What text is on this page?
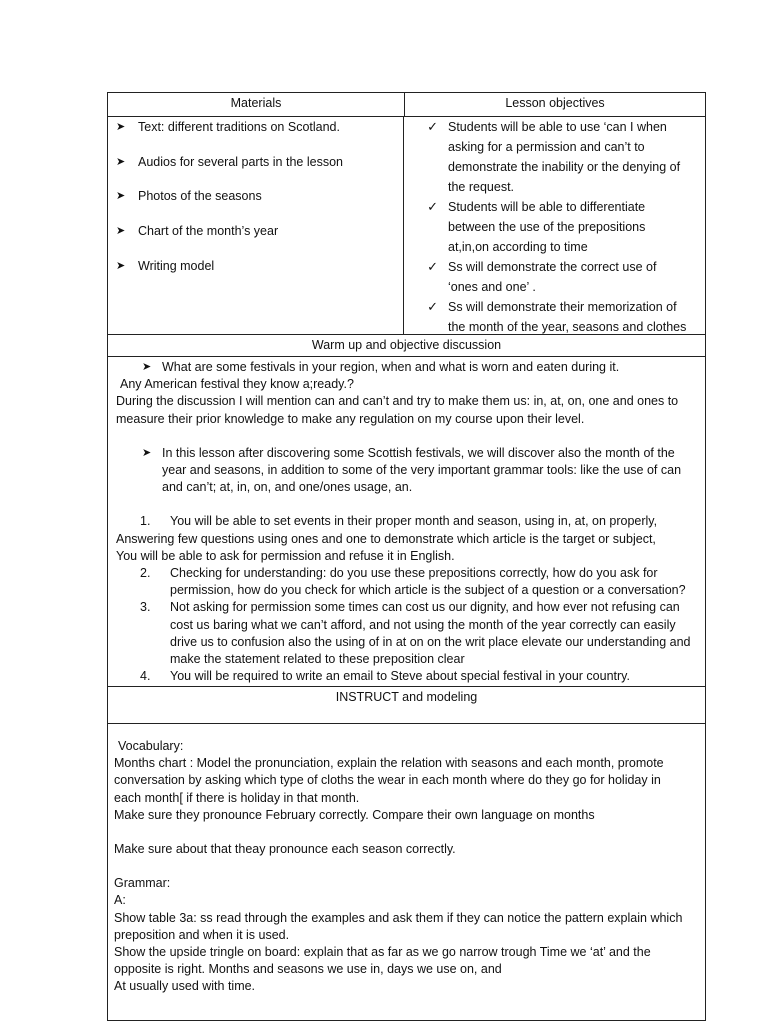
Materials	Lesson objectives
➤	Text: different traditions on Scotland.
➤	Audios for several parts in the lesson
➤	Photos of the seasons
➤	Chart of the month’s year
➤	Writing model
✓ Students will be able to use ‘can I when
asking for a permission and can’t to
demonstrate the inability or the denying of
the request.
✓ Students will be able to differentiate
between the use of the prepositions
at,in,on according to time
✓ Ss will demonstrate the correct use of
‘ones and one’ .
✓ Ss will demonstrate their memorization of
the month of the year, seasons and clothes
Warm up and objective discussion
➤ What are some festivals in your region, when and what is worn and eaten during it.
Any American festival they know a;ready.?
During the discussion I will mention can and can’t and try to make them us: in, at, on, one and ones to
measure their prior knowledge to make any regulation on my course upon their level.
➤ In this lesson after discovering some Scottish festivals, we will discover also the month of the
year and seasons, in addition to some of the very important grammar tools: like the use of can
and can’t; at, in, on, and one/ones usage, an.
1.	You will be able to set events in their proper month and season, using in, at, on properly,
Answering few questions using ones and one to demonstrate which article is the target or subject,
You will be able to ask for permission and refuse it in English.
2.	Checking for understanding: do you use these prepositions correctly, how do you ask for
permission, how do you check for which article is the subject of a question or a conversation?
3.	Not asking for permission some times can cost us our dignity, and how ever not refusing can
cost us baring what we can’t afford, and not using the month of the year correctly can easily
drive us to confusion also the using of in at on on the writ place elevate our understanding and
make the statement related to these preposition clear
4.	You will be required to write an email to Steve about special festival in your country.
INSTRUCT and modeling
Vocabulary:
Months chart : Model the pronunciation, explain the relation with seasons and each month, promote
conversation by asking which type of cloths the wear in each month where do they go for holiday in
each month[ if there is holiday in that month.
Make sure they pronounce February correctly. Compare their own language on months
Make sure about that theay pronounce each season correctly.
Grammar:
A:
Show table 3a: ss read through the examples and ask them if they can notice the pattern explain which
preposition and when it is used.
Show the upside tringle on board: explain that as far as we go narrow trough Time we ‘at’ and the
opposite is right. Months and seasons we use in, days we use on, and
At usually used with time.
